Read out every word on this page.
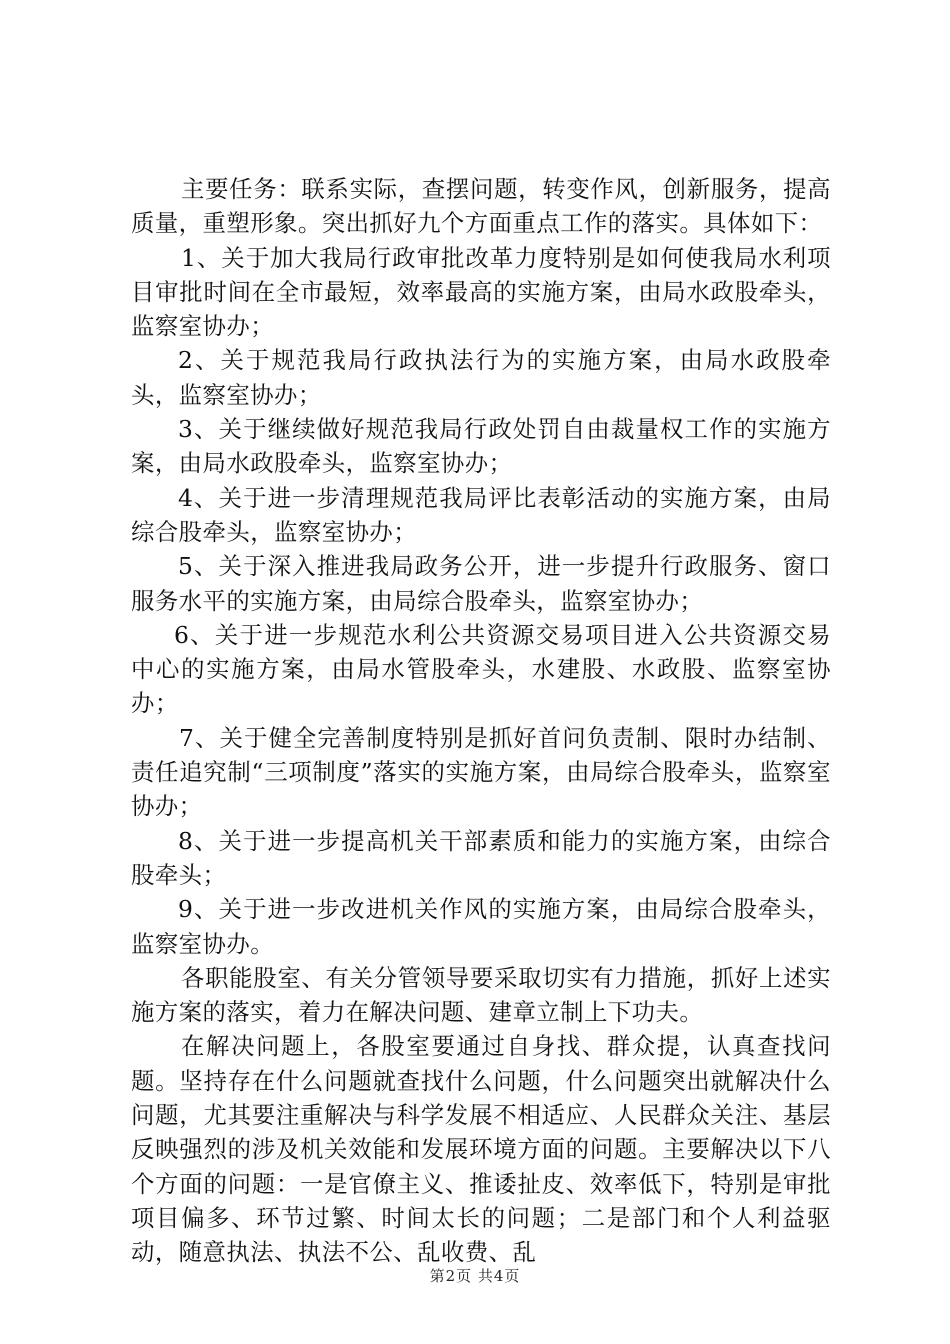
主要任务：联系实际，查摆问题，转变作风，创新服务，提高质量，重塑形象。突出抓好九个方面重点工作的落实。具体如下：

1、关于加大我局行政审批改革力度特别是如何使我局水利项目审批时间在全市最短，效率最高的实施方案，由局水政股牵头，监察室协办；

2、关于规范我局行政执法行为的实施方案，由局水政股牵头，监察室协办；

3、关于继续做好规范我局行政处罚自由裁量权工作的实施方案，由局水政股牵头，监察室协办；

4、关于进一步清理规范我局评比表彰活动的实施方案，由局综合股牵头，监察室协办；

5、关于深入推进我局政务公开，进一步提升行政服务、窗口服务水平的实施方案，由局综合股牵头，监察室协办；

6、关于进一步规范水利公共资源交易项目进入公共资源交易中心的实施方案，由局水管股牵头，水建股、水政股、监察室协办；

7、关于健全完善制度特别是抓好首问负责制、限时办结制、责任追究制“三项制度”落实的实施方案，由局综合股牵头，监察室协办；

8、关于进一步提高机关干部素质和能力的实施方案，由综合股牵头；

9、关于进一步改进机关作风的实施方案，由局综合股牵头，监察室协办。

各职能股室、有关分管领导要采取切实有力措施，抓好上述实施方案的落实，着力在解决问题、建章立制上下功夫。

在解决问题上，各股室要通过自身找、群众提，认真查找问题。坚持存在什么问题就查找什么问题，什么问题突出就解决什么问题，尤其要注重解决与科学发展不相适应、人民群众关注、基层反映强烈的涉及机关效能和发展环境方面的问题。主要解决以下八个方面的问题：一是官僚主义、推诿扯皮、效率低下，特别是审批项目偏多、环节过繁、时间太长的问题；二是部门和个人利益驱动，随意执法、执法不公、乱收费、乱

第2页 共4页
